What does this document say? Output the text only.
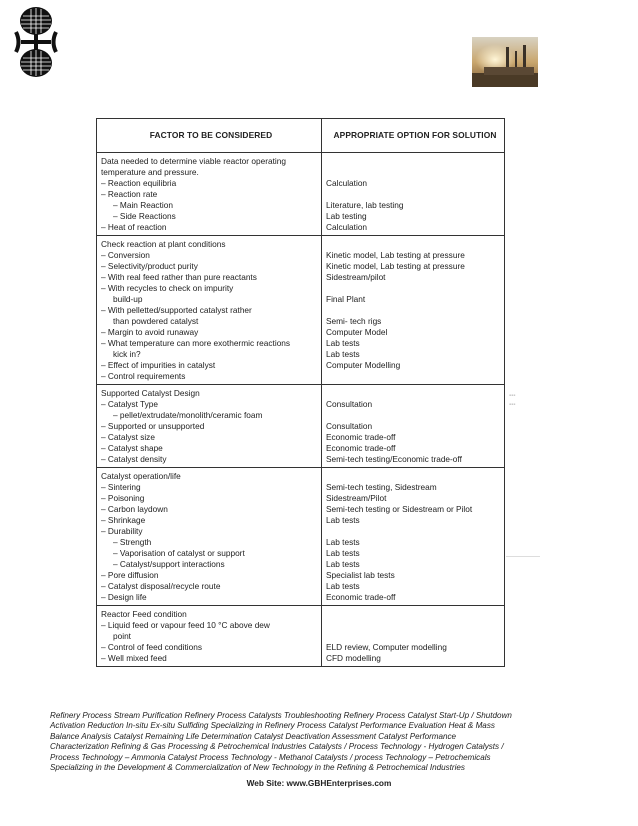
FACTOR TO BE CONSIDERED	APPROPRIATE OPTION FOR SOLUTION
Data needed to determine viable reactor operating
temperature and pressure.
– Reaction equilibria
– Reaction rate
– Main Reaction
– Side Reactions
– Heat of reaction
Calculation
Literature, lab testing
Lab testing
Calculation
Check reaction at plant conditions
– Conversion
– Selectivity/product purity
– With real feed rather than pure reactants
– With recycles to check on impurity
build-up
– With pelletted/supported catalyst rather
than powdered catalyst
– Margin to avoid runaway
– What temperature can more exothermic reactions
kick in?
– Effect of impurities in catalyst
– Control requirements
Kinetic model, Lab testing at pressure
Kinetic model, Lab testing at pressure
Sidestream/pilot
Final Plant
Semi- tech rigs
Computer Model
Lab tests
Lab tests
Computer Modelling
Supported Catalyst Design
– Catalyst Type
– pellet/extrudate/monolith/ceramic foam
– Supported or unsupported
– Catalyst size
– Catalyst shape
– Catalyst density
Consultation
Consultation
Economic trade-off
Economic trade-off
Semi-tech testing/Economic trade-off
Catalyst operation/life
– Sintering
– Poisoning
– Carbon laydown
– Shrinkage
– Durability
– Strength
– Vaporisation of catalyst or support
– Catalyst/support interactions
– Pore diffusion
– Catalyst disposal/recycle route
– Design life
Semi-tech testing, Sidestream
Sidestream/Pilot
Semi-tech testing or Sidestream or Pilot
Lab tests
Lab tests
Lab tests
Lab tests
Specialist lab tests
Lab tests
Economic trade-off
Reactor Feed condition
– Liquid feed or vapour feed 10 °C above dew
point
– Control of feed conditions
– Well mixed feed
ELD review, Computer modelling
CFD modelling
▪▪▪
▪▪▪
Refinery Process Stream Purification Refinery Process Catalysts Troubleshooting Refinery Process Catalyst Start-Up / Shutdown
Activation Reduction In-situ Ex-situ Sulfiding Specializing in Refinery Process Catalyst Performance Evaluation Heat & Mass
Balance Analysis Catalyst Remaining Life Determination Catalyst Deactivation Assessment Catalyst Performance
Characterization Refining & Gas Processing & Petrochemical Industries Catalysts / Process Technology - Hydrogen Catalysts /
Process Technology – Ammonia Catalyst Process Technology - Methanol Catalysts / process Technology – Petrochemicals
Specializing in the Development & Commercialization of New Technology in the Refining & Petrochemical Industries
Web Site: www.GBHEnterprises.com
